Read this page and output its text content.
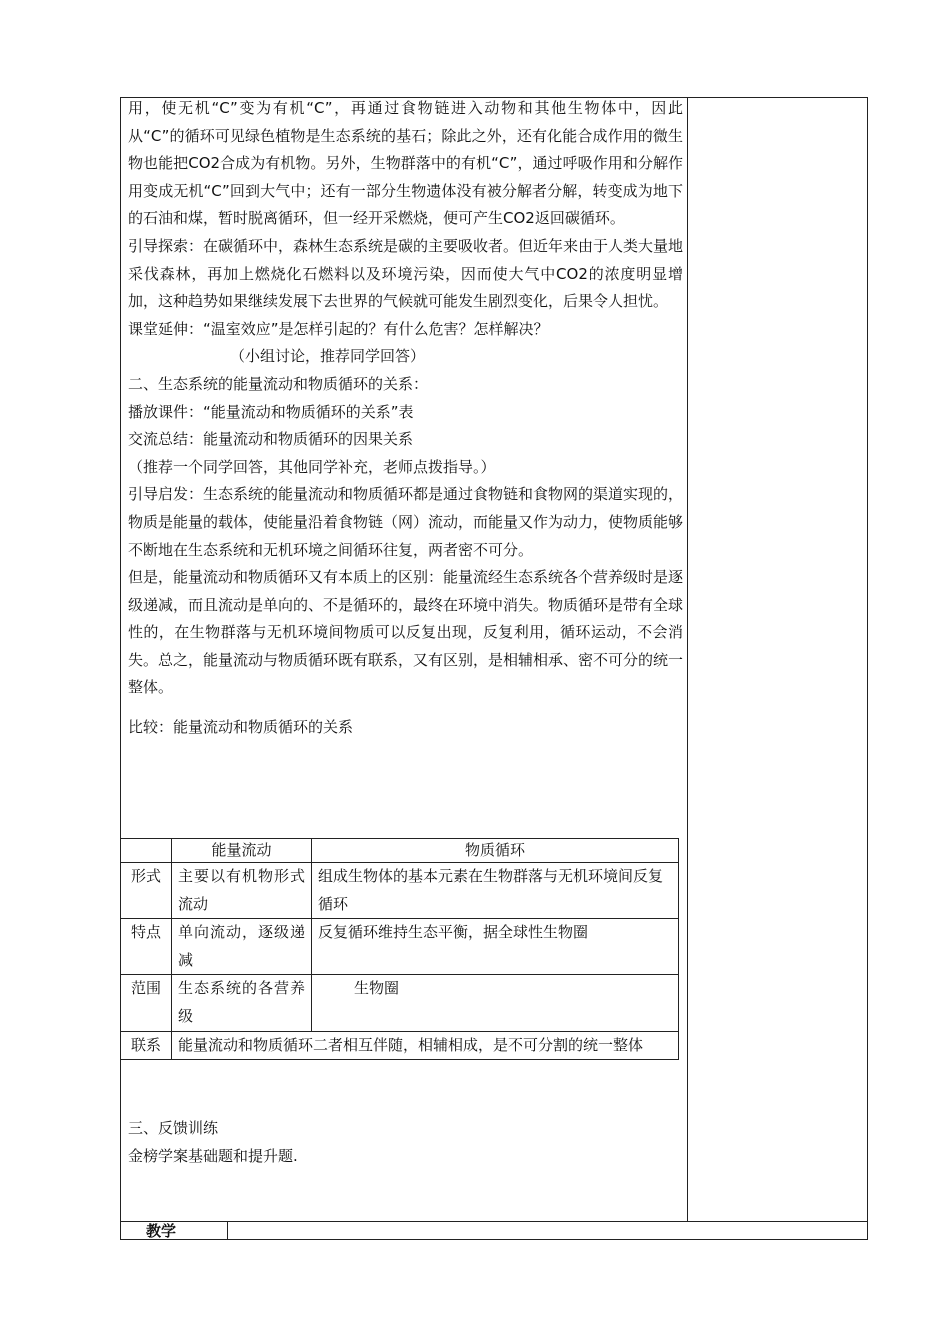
用，使无机“C”变为有机“C”，再通过食物链进入动物和其他生物体中，因此从“C”的循环可见绿色植物是生态系统的基石；除此之外，还有化能合成作用的微生物也能把CO2合成为有机物。另外，生物群落中的有机“C”，通过呼吸作用和分解作用变成无机“C”回到大气中；还有一部分生物遗体没有被分解者分解，转变成为地下的石油和煤，暂时脱离循环，但一经开采燃烧，便可产生CO2返回碳循环。

引导探索：在碳循环中，森林生态系统是碳的主要吸收者。但近年来由于人类大量地采伐森林，再加上燃烧化石燃料以及环境污染，因而使大气中CO2的浓度明显增加，这种趋势如果继续发展下去世界的气候就可能发生剧烈变化，后果令人担忧。

课堂延伸：“温室效应”是怎样引起的？有什么危害？怎样解决？

（小组讨论，推荐同学回答）

二、生态系统的能量流动和物质循环的关系：

播放课件：“能量流动和物质循环的关系”表

交流总结：能量流动和物质循环的因果关系

（推荐一个同学回答，其他同学补充，老师点拨指导。）

引导启发：生态系统的能量流动和物质循环都是通过食物链和食物网的渠道实现的，物质是能量的载体，使能量沿着食物链（网）流动，而能量又作为动力，使物质能够不断地在生态系统和无机环境之间循环往复，两者密不可分。

但是，能量流动和物质循环又有本质上的区别：能量流经生态系统各个营养级时是逐级递减，而且流动是单向的、不是循环的，最终在环境中消失。物质循环是带有全球性的，在生物群落与无机环境间物质可以反复出现，反复利用，循环运动，不会消失。总之，能量流动与物质循环既有联系，又有区别，是相辅相承、密不可分的统一整体。

比较：能量流动和物质循环的关系

	能量流动	物质循环
形式	主要以有机物形式流动	组成生物体的基本元素在生物群落与无机环境间反复循环
特点	单向流动，逐级递减	反复循环维持生态平衡，据全球性生物圈
范围	生态系统的各营养级	生物圈
联系	能量流动和物质循环二者相互伴随，相辅相成，是不可分割的统一整体	

三、反馈训练

金榜学案基础题和提升题.

教学
